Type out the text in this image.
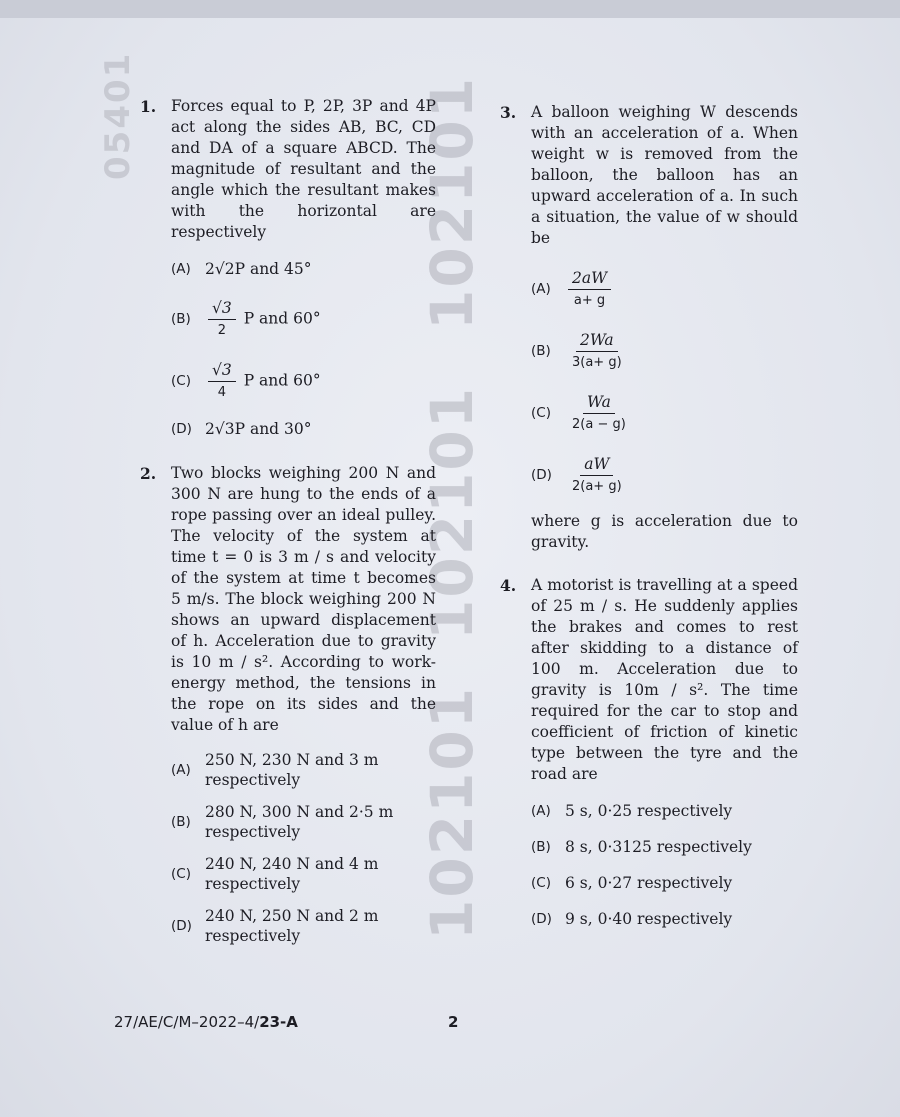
05401	102101
102101
102101
1. Forces equal to P, 2P, 3P and 4P act along the sides AB, BC, CD and DA of a square ABCD. The magnitude of resultant and the angle which the resultant makes with the horizontal are respectively
(A) 2√2P and 45°
(B)	$\frac{√3}{2}$ P and 60°
(C)	$\frac{√3}{4}$ P and 60°
(D) 2√3P and 30°
2. Two blocks weighing 200 N and 300 N are hung to the ends of a rope passing over an ideal pulley. The velocity of the system at time t = 0 is 3 m / s and velocity of the system at time t becomes 5 m/s. The block weighing 200 N shows an upward displacement of h. Acceleration due to gravity is 10 m / s². According to work-energy method, the tensions in the rope on its sides and the value of h are
(A)
250 N, 230 N and 3 m respectively
(B)
280 N, 300 N and 2·5 m respectively
(C)
240 N, 240 N and 4 m respectively
(D)
240 N, 250 N and 2 m respectively
3. A balloon weighing W descends with an acceleration of a. When weight w is removed from the balloon, the balloon has an upward acceleration of a. In such a situation, the value of w should be
(A)	$\frac{2aW}{a+ g}$
(B)	$\frac{2Wa}{3(a+ g)}$
(C)	$\frac{Wa}{2(a - g)}$
(D)	$\frac{aW}{2(a+ g)}$
where g is acceleration due to gravity.
4. A motorist is travelling at a speed of 25 m / s. He suddenly applies the brakes and comes to rest after skidding to a distance of 100 m. Acceleration due to gravity is 10m / s². The time required for the car to stop and coefficient of friction of kinetic type between the tyre and the road are
(A) 5 s, 0·25 respectively
(B) 8 s, 0·3125 respectively
(C) 6 s, 0·27 respectively
(D) 9 s, 0·40 respectively
27/AE/C/M–2022–4/23-A	2
